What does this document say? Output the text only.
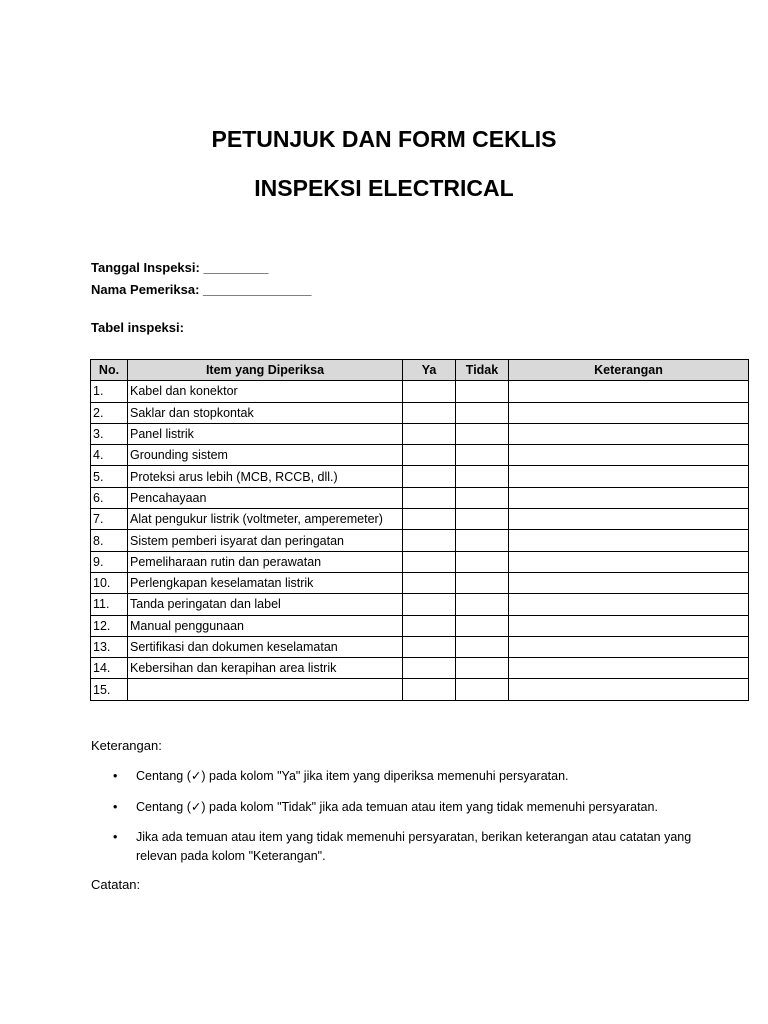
PETUNJUK DAN FORM CEKLIS
INSPEKSI ELECTRICAL
Tanggal Inspeksi: _________
Nama Pemeriksa: _______________
Tabel inspeksi:
No.	Item yang Diperiksa	Ya	Tidak	Keterangan
1.	Kabel dan konektor			
2.	Saklar dan stopkontak			
3.	Panel listrik			
4.	Grounding sistem			
5.	Proteksi arus lebih (MCB, RCCB, dll.)			
6.	Pencahayaan			
7.	Alat pengukur listrik (voltmeter, amperemeter)			
8.	Sistem pemberi isyarat dan peringatan			
9.	Pemeliharaan rutin dan perawatan			
10.	Perlengkapan keselamatan listrik			
11.	Tanda peringatan dan label			
12.	Manual penggunaan			
13.	Sertifikasi dan dokumen keselamatan			
14.	Kebersihan dan kerapihan area listrik			
15.				
Keterangan:
• Centang (✓) pada kolom "Ya" jika item yang diperiksa memenuhi persyaratan.
• Centang (✓) pada kolom "Tidak" jika ada temuan atau item yang tidak memenuhi persyaratan.
• Jika ada temuan atau item yang tidak memenuhi persyaratan, berikan keterangan atau catatan yang relevan pada kolom "Keterangan".
Catatan:
